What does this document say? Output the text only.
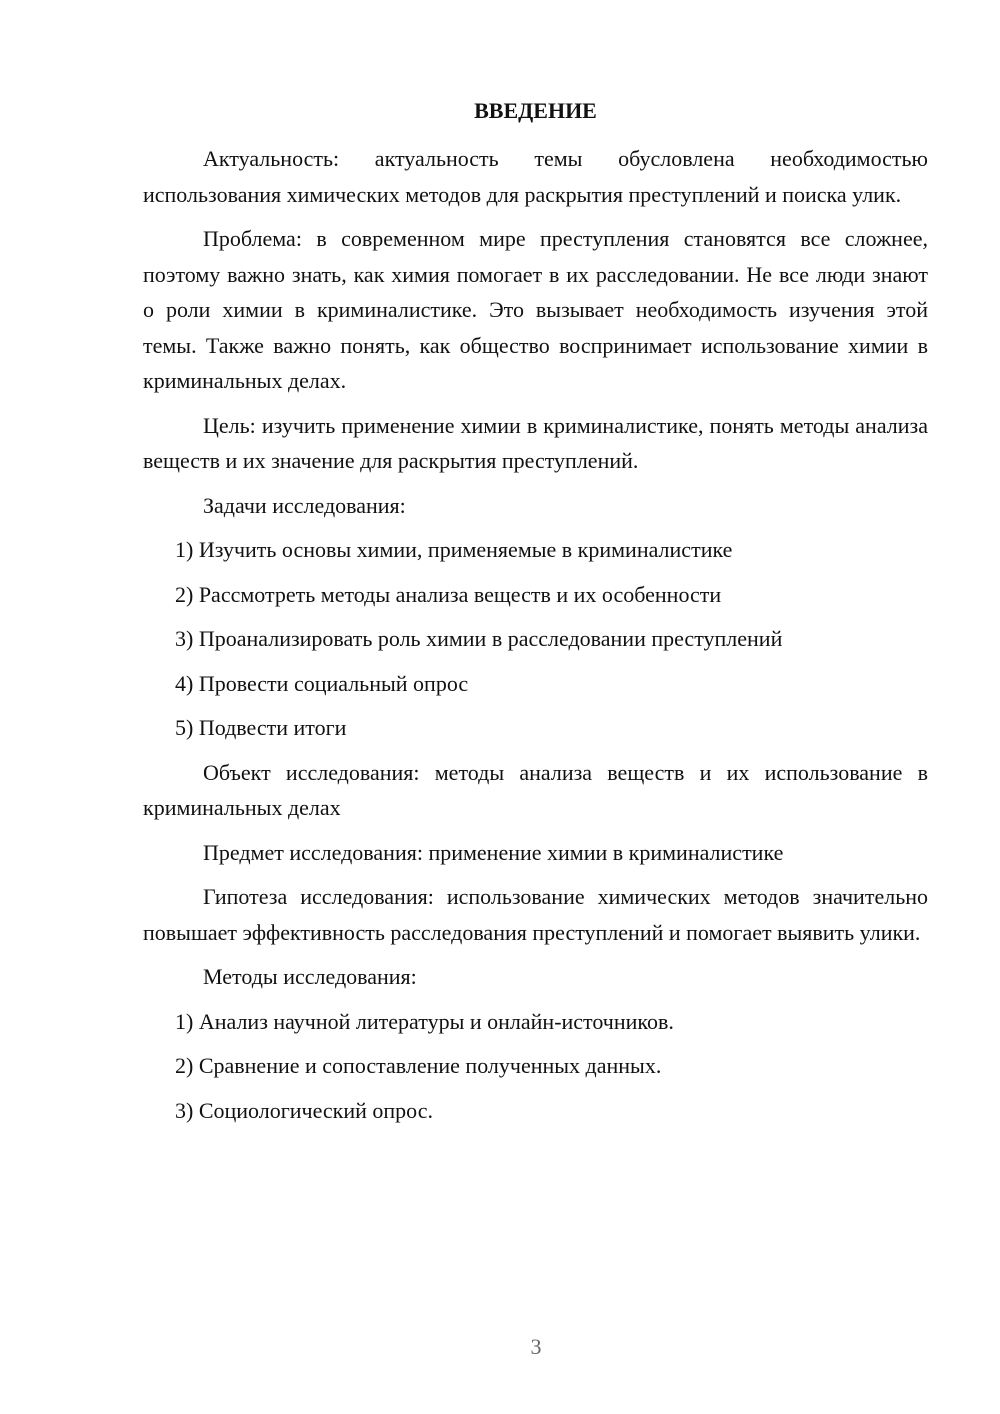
ВВЕДЕНИЕ

Актуальность: актуальность темы обусловлена необходимостью использования химических методов для раскрытия преступлений и поиска улик.

Проблема: в современном мире преступления становятся все сложнее, поэтому важно знать, как химия помогает в их расследовании. Не все люди знают о роли химии в криминалистике. Это вызывает необходимость изучения этой темы. Также важно понять, как общество воспринимает использование химии в криминальных делах.

Цель: изучить применение химии в криминалистике, понять методы анализа веществ и их значение для раскрытия преступлений.

Задачи исследования:

1) Изучить основы химии, применяемые в криминалистике

2) Рассмотреть методы анализа веществ и их особенности

3) Проанализировать роль химии в расследовании преступлений

4) Провести социальный опрос

5) Подвести итоги

Объект исследования: методы анализа веществ и их использование в криминальных делах

Предмет исследования: применение химии в криминалистике

Гипотеза исследования: использование химических методов значительно повышает эффективность расследования преступлений и помогает выявить улики.

Методы исследования:

1) Анализ научной литературы и онлайн-источников.

2) Сравнение и сопоставление полученных данных.

3) Социологический опрос.

3
